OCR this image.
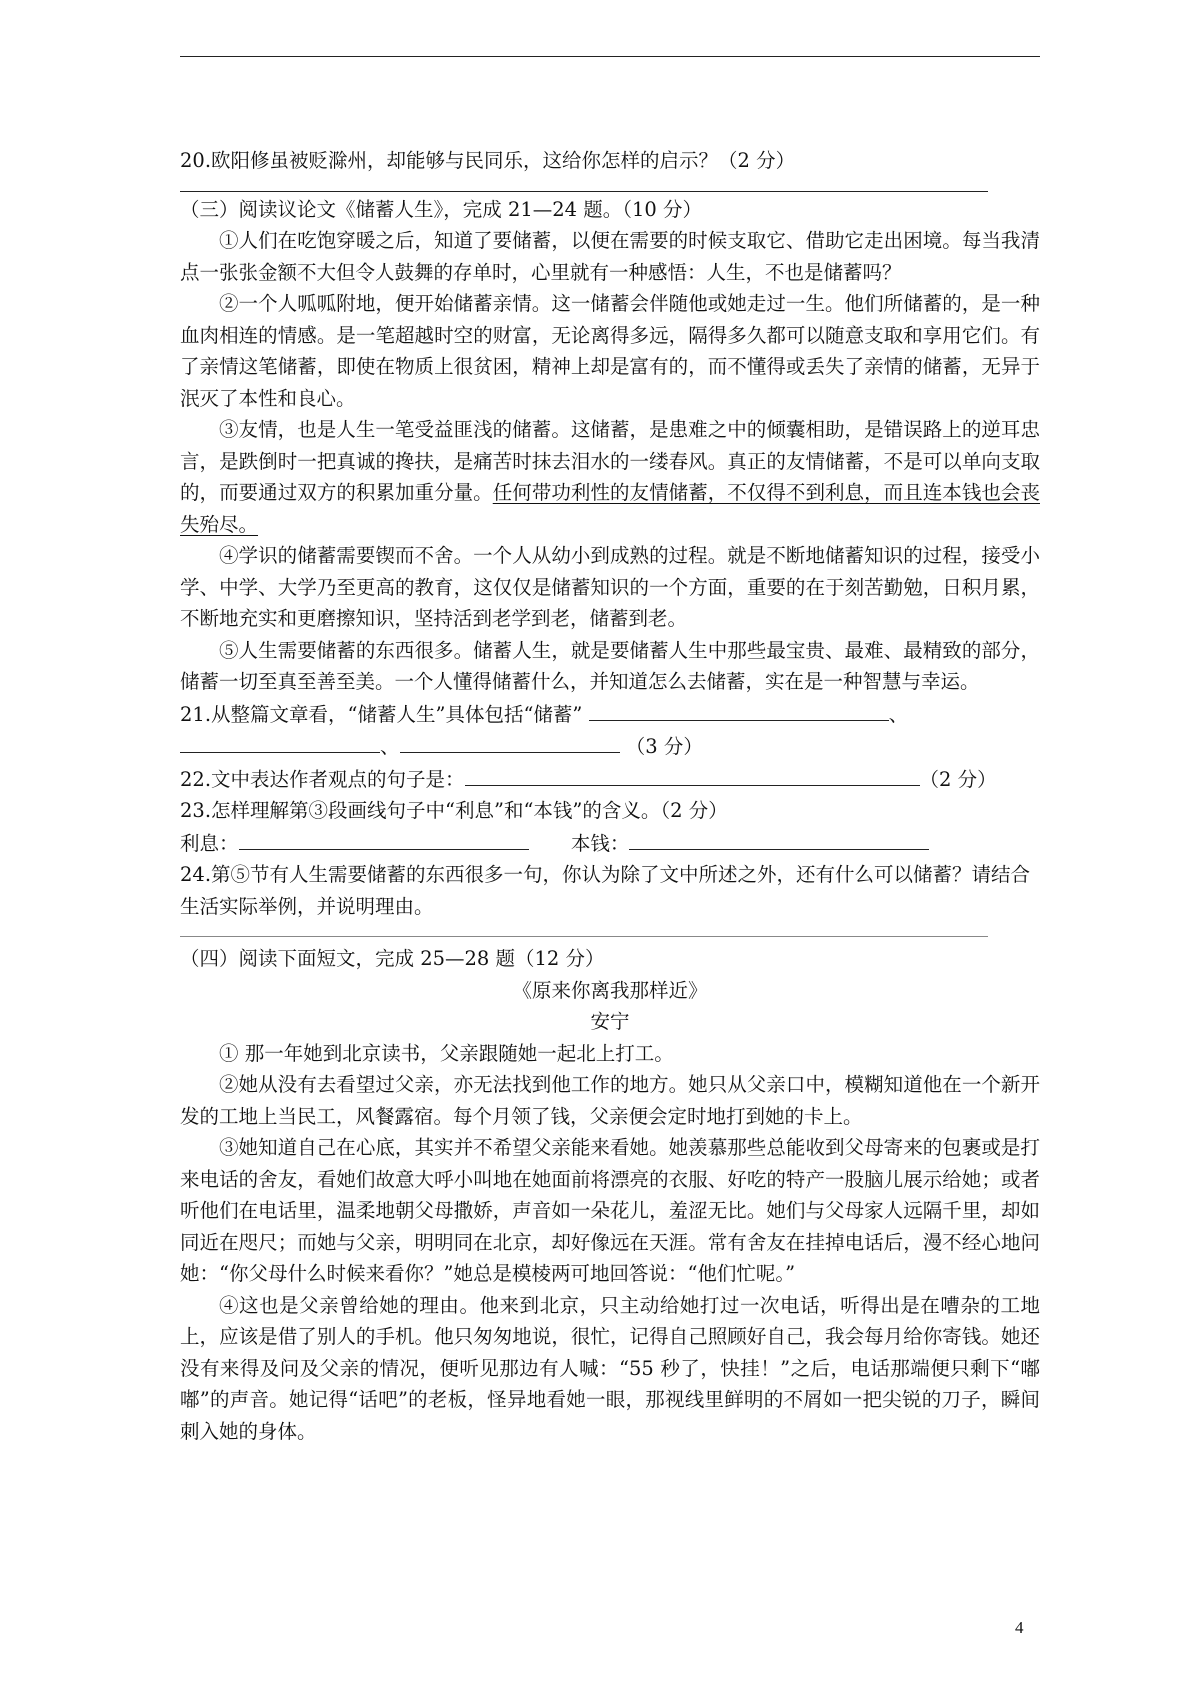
20.欧阳修虽被贬滁州，却能够与民同乐，这给你怎样的启示？（2 分）

（三）阅读议论文《储蓄人生》，完成 21—24 题。（10 分）

①人们在吃饱穿暖之后，知道了要储蓄，以便在需要的时候支取它、借助它走出困境。每当我清点一张张金额不大但令人鼓舞的存单时，心里就有一种感悟：人生，不也是储蓄吗？

②一个人呱呱附地，便开始储蓄亲情。这一储蓄会伴随他或她走过一生。他们所储蓄的，是一种血肉相连的情感。是一笔超越时空的财富，无论离得多远，隔得多久都可以随意支取和享用它们。有了亲情这笔储蓄，即使在物质上很贫困，精神上却是富有的，而不懂得或丢失了亲情的储蓄，无异于泯灭了本性和良心。

③友情，也是人生一笔受益匪浅的储蓄。这储蓄，是患难之中的倾囊相助，是错误路上的逆耳忠言，是跌倒时一把真诚的搀扶，是痛苦时抹去泪水的一缕春风。真正的友情储蓄，不是可以单向支取的，而要通过双方的积累加重分量。任何带功利性的友情储蓄，不仅得不到利息，而且连本钱也会丧失殆尽。

④学识的储蓄需要锲而不舍。一个人从幼小到成熟的过程。就是不断地储蓄知识的过程，接受小学、中学、大学乃至更高的教育，这仅仅是储蓄知识的一个方面，重要的在于刻苦勤勉，日积月累，不断地充实和更磨擦知识，坚持活到老学到老，储蓄到老。

⑤人生需要储蓄的东西很多。储蓄人生，就是要储蓄人生中那些最宝贵、最难、最精致的部分，储蓄一切至真至善至美。一个人懂得储蓄什么，并知道怎么去储蓄，实在是一种智慧与幸运。

21.从整篇文章看，“储蓄人生”具体包括“储蓄”	、

、	（3 分）

22.文中表达作者观点的句子是：	（2 分）

23.怎样理解第③段画线句子中“利息”和“本钱”的含义。（2 分）

利息：	本钱：

24.第⑤节有人生需要储蓄的东西很多一句，你认为除了文中所述之外，还有什么可以储蓄？请结合生活实际举例，并说明理由。

（四）阅读下面短文，完成 25—28 题（12 分）

《原来你离我那样近》

安宁

① 那一年她到北京读书，父亲跟随她一起北上打工。

②她从没有去看望过父亲，亦无法找到他工作的地方。她只从父亲口中，模糊知道他在一个新开发的工地上当民工，风餐露宿。每个月领了钱，父亲便会定时地打到她的卡上。

③她知道自己在心底，其实并不希望父亲能来看她。她羡慕那些总能收到父母寄来的包裹或是打来电话的舍友，看她们故意大呼小叫地在她面前将漂亮的衣服、好吃的特产一股脑儿展示给她；或者听他们在电话里，温柔地朝父母撒娇，声音如一朵花儿，羞涩无比。她们与父母家人远隔千里，却如同近在咫尺；而她与父亲，明明同在北京，却好像远在天涯。常有舍友在挂掉电话后，漫不经心地问她：“你父母什么时候来看你？”她总是模棱两可地回答说：“他们忙呢。”

④这也是父亲曾给她的理由。他来到北京，只主动给她打过一次电话，听得出是在嘈杂的工地上，应该是借了别人的手机。他只匆匆地说，很忙，记得自己照顾好自己，我会每月给你寄钱。她还没有来得及问及父亲的情况，便听见那边有人喊：“55 秒了，快挂！”之后，电话那端便只剩下“嘟嘟”的声音。她记得“话吧”的老板，怪异地看她一眼，那视线里鲜明的不屑如一把尖锐的刀子，瞬间刺入她的身体。

4
